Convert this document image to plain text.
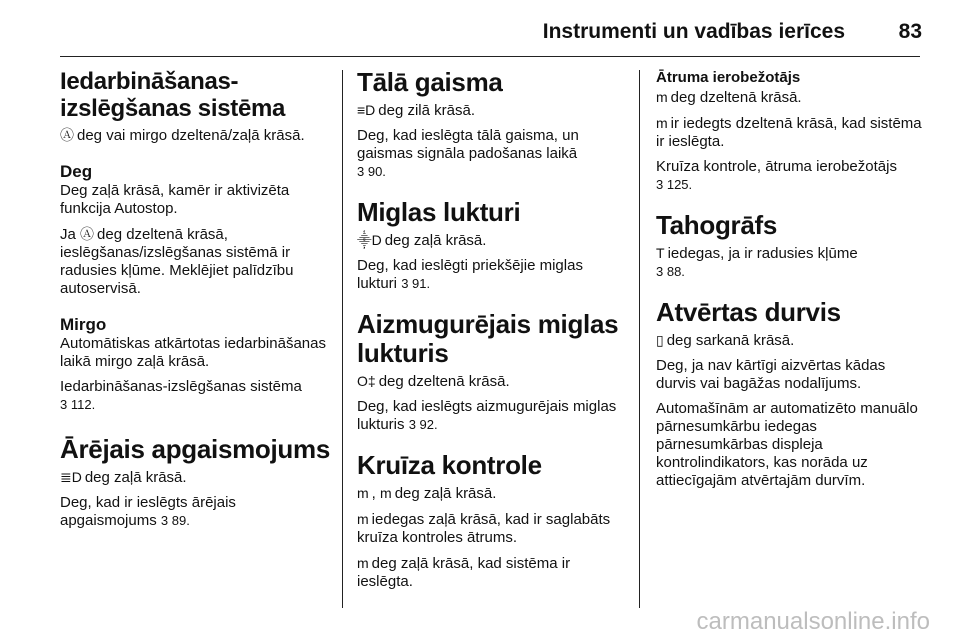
Instrumenti un vadības ierīces	83
Iedarbināšanas-
izslēgšanas sistēma

Ⓐ deg vai mirgo dzeltenā/zaļā krāsā.

Deg

Deg zaļā krāsā, kamēr ir aktivizēta funkcija Autostop.

Ja Ⓐ deg dzeltenā krāsā, ieslēgšanas/izslēgšanas sistēmā ir radusies kļūme. Meklējiet palīdzību autoservisā.

Mirgo

Automātiskas atkārtotas iedarbināšanas laikā mirgo zaļā krāsā.

Iedarbināšanas-izslēgšanas sistēma
3 112.

Ārējais apgaismojums

≣D deg zaļā krāsā.

Deg, kad ir ieslēgts ārējais apgaismojums 3 89.

Tālā gaisma

≡D deg zilā krāsā.

Deg, kad ieslēgta tālā gaisma, un gaismas signāla padošanas laikā
3 90.

Miglas lukturi

⸎D deg zaļā krāsā.

Deg, kad ieslēgti priekšējie miglas lukturi 3 91.

Aizmugurējais miglas
lukturis

O‡ deg dzeltenā krāsā.

Deg, kad ieslēgts aizmugurējais miglas lukturis 3 92.

Kruīza kontrole

m , m deg zaļā krāsā.

m iedegas zaļā krāsā, kad ir saglabāts kruīza kontroles ātrums.

m deg zaļā krāsā, kad sistēma ir ieslēgta.

Ātruma ierobežotājs

m deg dzeltenā krāsā.

m ir iedegts dzeltenā krāsā, kad sistēma ir ieslēgta.

Kruīza kontrole, ātruma ierobežotājs
3 125.

Tahogrāfs

T iedegas, ja ir radusies kļūme
3 88.

Atvērtas durvis

▯ deg sarkanā krāsā.

Deg, ja nav kārtīgi aizvērtas kādas durvis vai bagāžas nodalījums.

Automašīnām ar automatizēto manuālo pārnesumkārbu iedegas pārnesumkārbas displeja kontrolindikators, kas norāda uz attiecīgajām atvērtajām durvīm.

carmanualsonline.info
